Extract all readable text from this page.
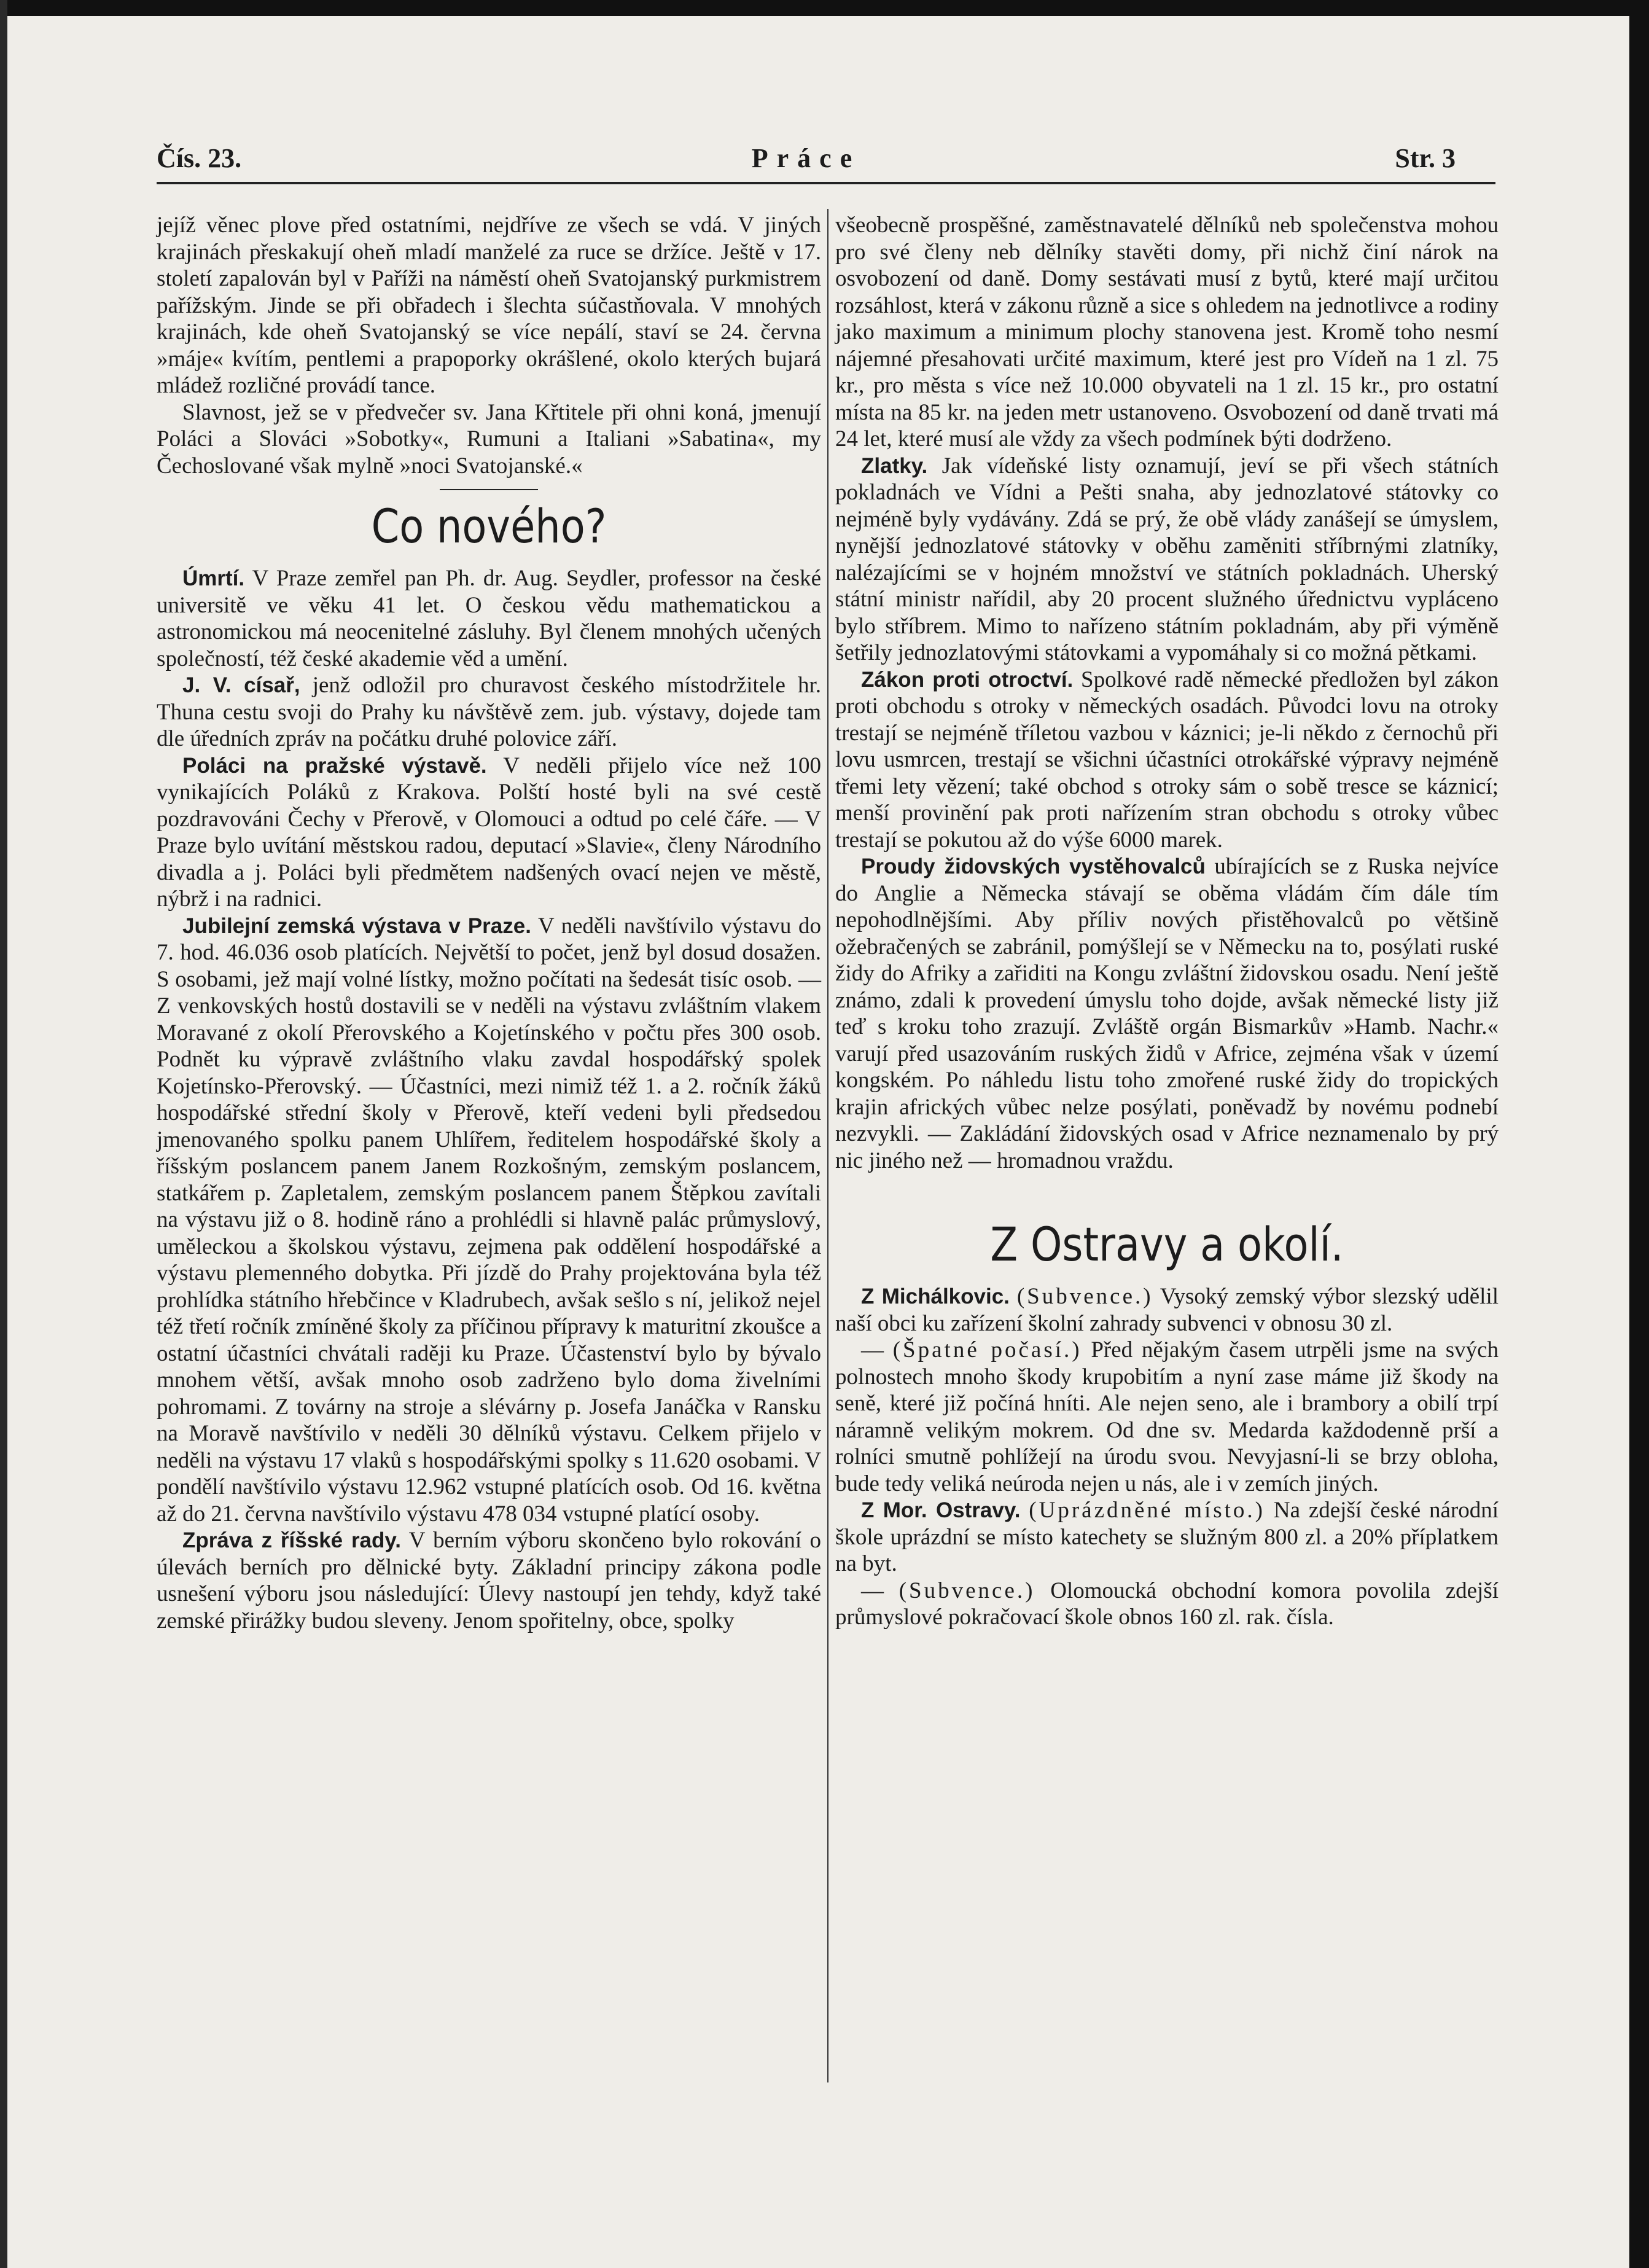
Čís. 23.	Práce	Str. 3

jejíž věnec plove před ostatními, nejdříve ze všech se vdá. V jiných krajinách přeskakují oheň mladí manželé za ruce se držíce. Ještě v 17. století zapalován byl v Paříži na náměstí oheň Svatojanský purkmistrem pařížským. Jinde se při obřadech i šlechta súčastňovala. V mnohých krajinách, kde oheň Svatojanský se více nepálí, staví se 24. června »máje« kvítím, pentlemi a prapoporky okrášlené, okolo kterých bujará mládež rozličné provádí tance.

Slavnost, jež se v předvečer sv. Jana Křtitele při ohni koná, jmenují Poláci a Slováci »Sobotky«, Rumuni a Italiani »Sabatina«, my Čechoslované však mylně »noci Svatojanské.«

Co nového?

Úmrtí. V Praze zemřel pan Ph. dr. Aug. Seydler, professor na české universitě ve věku 41 let. O českou vědu mathematickou a astronomickou má neocenitelné zásluhy. Byl členem mnohých učených společností, též české akademie věd a umění.

J. V. císař, jenž odložil pro churavost českého místodržitele hr. Thuna cestu svoji do Prahy ku návštěvě zem. jub. výstavy, dojede tam dle úředních zpráv na počátku druhé polovice září.

Poláci na pražské výstavě. V neděli přijelo více než 100 vynikajících Poláků z Krakova. Polští hosté byli na své cestě pozdravováni Čechy v Přerově, v Olomouci a odtud po celé čáře. — V Praze bylo uvítání městskou radou, deputací »Slavie«, členy Národního divadla a j. Poláci byli předmětem nadšených ovací nejen ve městě, nýbrž i na radnici.

Jubilejní zemská výstava v Praze. V neděli navštívilo výstavu do 7. hod. 46.036 osob platících. Největší to počet, jenž byl dosud dosažen. S osobami, jež mají volné lístky, možno počítati na šedesát tisíc osob. — Z venkovských hostů dostavili se v neděli na výstavu zvláštním vlakem Moravané z okolí Přerovského a Kojetínského v počtu přes 300 osob. Podnět ku výpravě zvláštního vlaku zavdal hospodářský spolek Kojetínsko-Přerovský. — Účastníci, mezi nimiž též 1. a 2. ročník žáků hospodářské střední školy v Přerově, kteří vedeni byli předsedou jmenovaného spolku panem Uhlířem, ředitelem hospodářské školy a říšským poslancem panem Janem Rozkošným, zemským poslancem, statkářem p. Zapletalem, zemským poslancem panem Štěpkou zavítali na výstavu již o 8. hodině ráno a prohlédli si hlavně palác průmyslový, uměleckou a školskou výstavu, zejmena pak oddělení hospodářské a výstavu plemenného dobytka. Při jízdě do Prahy projektována byla též prohlídka státního hřebčince v Kladrubech, avšak sešlo s ní, jelikož nejel též třetí ročník zmíněné školy za příčinou přípravy k maturitní zkoušce a ostatní účastníci chvátali raději ku Praze. Účastenství bylo by bývalo mnohem větší, avšak mnoho osob zadrženo bylo doma živelními pohromami. Z továrny na stroje a slévárny p. Josefa Janáčka v Ransku na Moravě navštívilo v neděli 30 dělníků výstavu. Celkem přijelo v neděli na výstavu 17 vlaků s hospodářskými spolky s 11.620 osobami. V pondělí navštívilo výstavu 12.962 vstupné platících osob. Od 16. května až do 21. června navštívilo výstavu 478 034 vstupné platící osoby.

Zpráva z říšské rady. V berním výboru skončeno bylo rokování o úlevách berních pro dělnické byty. Základní principy zákona podle usnešení výboru jsou následující: Úlevy nastoupí jen tehdy, když také zemské přirážky budou sleveny. Jenom spořitelny, obce, spolky

všeobecně prospěšné, zaměstnavatelé dělníků neb společenstva mohou pro své členy neb dělníky stavěti domy, při nichž činí nárok na osvobození od daně. Domy sestávati musí z bytů, které mají určitou rozsáhlost, která v zákonu různě a sice s ohledem na jednotlivce a rodiny jako maximum a minimum plochy stanovena jest. Kromě toho nesmí nájemné přesahovati určité maximum, které jest pro Vídeň na 1 zl. 75 kr., pro města s více než 10.000 obyvateli na 1 zl. 15 kr., pro ostatní místa na 85 kr. na jeden metr ustanoveno. Osvobození od daně trvati má 24 let, které musí ale vždy za všech podmínek býti dodrženo.

Zlatky. Jak vídeňské listy oznamují, jeví se při všech státních pokladnách ve Vídni a Pešti snaha, aby jednozlatové státovky co nejméně byly vydávány. Zdá se prý, že obě vlády zanášejí se úmyslem, nynější jednozlatové státovky v oběhu zaměniti stříbrnými zlatníky, nalézajícími se v hojném množství ve státních pokladnách. Uherský státní ministr nařídil, aby 20 procent služného úřednictvu vypláceno bylo stříbrem. Mimo to nařízeno státním pokladnám, aby při výměně šetřily jednozlatovými státovkami a vypomáhaly si co možná pětkami.

Zákon proti otroctví. Spolkové radě německé předložen byl zákon proti obchodu s otroky v německých osadách. Původci lovu na otroky trestají se nejméně tříletou vazbou v káznici; je-li někdo z černochů při lovu usmrcen, trestají se všichni účastníci otrokářské výpravy nejméně třemi lety vězení; také obchod s otroky sám o sobě tresce se káznicí; menší provinění pak proti nařízením stran obchodu s otroky vůbec trestají se pokutou až do výše 6000 marek.

Proudy židovských vystěhovalců ubírajících se z Ruska nejvíce do Anglie a Německa stávají se oběma vládám čím dále tím nepohodlnějšími. Aby příliv nových přistěhovalců po většině ožebračených se zabránil, pomýšlejí se v Německu na to, posýlati ruské židy do Afriky a zařiditi na Kongu zvláštní židovskou osadu. Není ještě známo, zdali k provedení úmyslu toho dojde, avšak německé listy již teď s kroku toho zrazují. Zvláště orgán Bismarkův »Hamb. Nachr.« varují před usazováním ruských židů v Africe, zejména však v území kongském. Po náhledu listu toho zmořené ruské židy do tropických krajin afrických vůbec nelze posýlati, poněvadž by novému podnebí nezvykli. — Zakládání židovských osad v Africe neznamenalo by prý nic jiného než — hromadnou vraždu.

Z Ostravy a okolí.

Z Michálkovic. (Subvence.) Vysoký zemský výbor slezský udělil naší obci ku zařízení školní zahrady subvenci v obnosu 30 zl.

— (Špatné počasí.) Před nějakým časem utrpěli jsme na svých polnostech mnoho škody krupobitím a nyní zase máme již škody na seně, které již počíná hníti. Ale nejen seno, ale i brambory a obilí trpí náramně velikým mokrem. Od dne sv. Medarda každodenně prší a rolníci smutně pohlížejí na úrodu svou. Nevyjasní-li se brzy obloha, bude tedy veliká neúroda nejen u nás, ale i v zemích jiných.

Z Mor. Ostravy. (Uprázdněné místo.) Na zdejší české národní škole uprázdní se místo katechety se služným 800 zl. a 20% příplatkem na byt.

— (Subvence.) Olomoucká obchodní komora povolila zdejší průmyslové pokračovací škole obnos 160 zl. rak. čísla.
